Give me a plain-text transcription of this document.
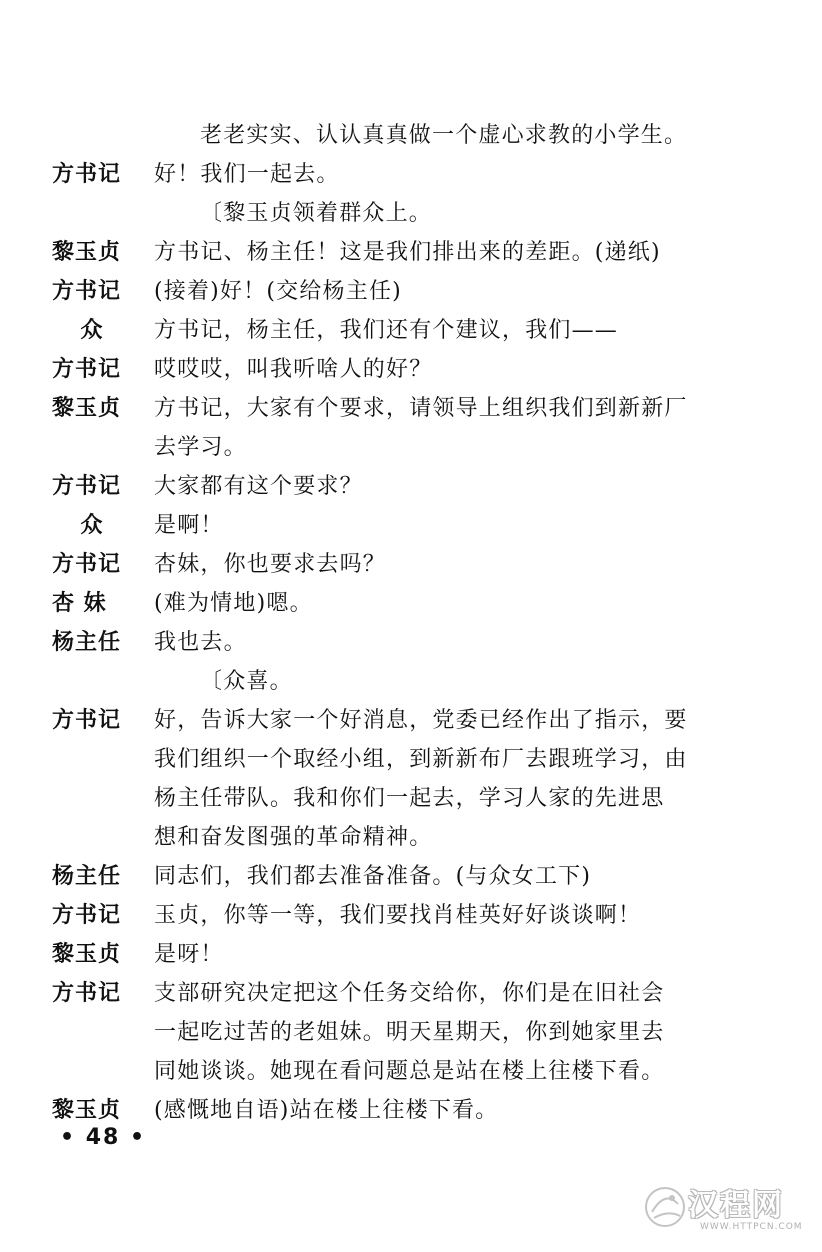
老老实实、认认真真做一个虚心求教的小学生。
方书记	好！我们一起去。
〔黎玉贞领着群众上。
黎玉贞	方书记、杨主任！这是我们排出来的差距。(递纸)
方书记	(接着)好！(交给杨主任)
众	方书记，杨主任，我们还有个建议，我们——
方书记	哎哎哎，叫我听啥人的好？
黎玉贞	方书记，大家有个要求，请领导上组织我们到新新厂
去学习。
方书记	大家都有这个要求？
众	是啊！
方书记	杏妹，你也要求去吗？
杏 妹	(难为情地)嗯。
杨主任	我也去。
〔众喜。
方书记	好，告诉大家一个好消息，党委已经作出了指示，要
我们组织一个取经小组，到新新布厂去跟班学习，由
杨主任带队。我和你们一起去，学习人家的先进思
想和奋发图强的革命精神。
杨主任	同志们，我们都去准备准备。(与众女工下)
方书记	玉贞，你等一等，我们要找肖桂英好好谈谈啊！
黎玉贞	是呀！
方书记	支部研究决定把这个任务交给你，你们是在旧社会
一起吃过苦的老姐妹。明天星期天，你到她家里去
同她谈谈。她现在看问题总是站在楼上往楼下看。
黎玉贞	(感慨地自语)站在楼上往楼下看。
• 48 •
汉程网
WWW.HTTPCN.COM
